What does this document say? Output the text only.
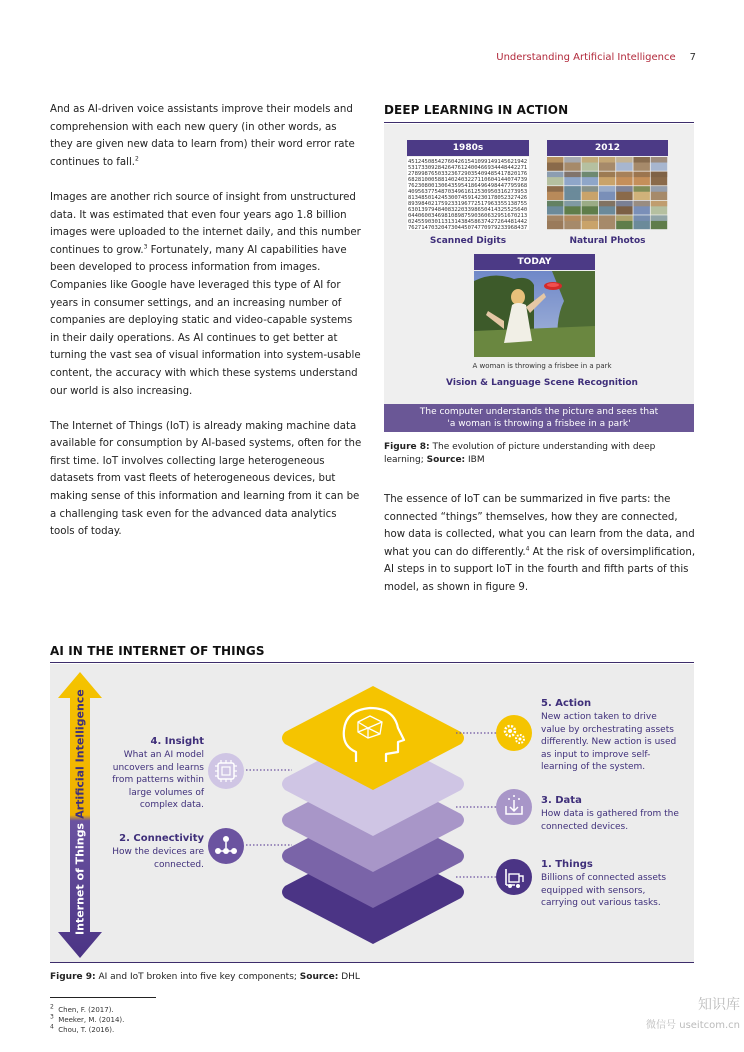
Understanding Artificial Intelligence 7

And as AI-driven voice assistants improve their models and comprehension with each new query (in other words, as they are given new data to learn from) their word error rate continues to fall.$^2$

Images are another rich source of insight from unstructured data. It was estimated that even four years ago 1.8 billion images were uploaded to the internet daily, and this number continues to grow.$^3$ Fortunately, many AI capabilities have been developed to process information from images. Companies like Google have leveraged this type of AI for years in consumer settings, and an increasing number of companies are deploying static and video-capable systems in their daily operations. As AI continues to get better at turning the vast sea of visual information into system-usable content, the accuracy with which these systems understand our world is also increasing.

The Internet of Things (IoT) is already making machine data available for consumption by AI-based systems, often for the first time. IoT involves collecting large heterogeneous datasets from vast fleets of heterogeneous devices, but making sense of this information and learning from it can be a challenging task even for the advanced data analytics tools of today.

DEEP LEARNING IN ACTION
1980s	2012
451245085427604261541099149145621942
531733092842647612400466934448442271
278998765033236729035409485417820176
682810005881402403227110604144074739
762308001306435954186496498447795968
409563775487034961612530950316273953
813485014245300745914230178052327426
893984021759233196772517963355138755
630139794840832203398650414325525640
044060034698108987590360632951670213
024559030113131438458637427264481442
762714703204730445074770979233968437
Scanned Digits	Natural Photos
TODAY
A woman is throwing a frisbee in a park
Vision & Language Scene Recognition
The computer understands the picture and sees that
'a woman is throwing a frisbee in a park'
Figure 8: The evolution of picture understanding with deep learning; Source: IBM
The essence of IoT can be summarized in five parts: the connected “things” themselves, how they are connected, how data is collected, what you can learn from the data, and what you can do differently.$^4$ At the risk of oversimplification, AI steps in to support IoT in the fourth and fifth parts of this model, as shown in figure 9.
AI IN THE INTERNET OF THINGS
Artificial Intelligence
Internet of Things
4. Insight
What an AI model uncovers and learns from patterns within large volumes of complex data.
2. Connectivity
How the devices are connected.
5. Action
New action taken to drive value by orchestrating assets differently. New action is used as input to improve self-learning of the system.
3. Data
How data is gathered from the connected devices.
1. Things
Billions of connected assets equipped with sensors, carrying out various tasks.
Figure 9: AI and IoT broken into five key components; Source: DHL
$^2$ Chen, F. (2017).
$^3$ Meeker, M. (2014).
$^4$ Chou, T. (2016).
知识库
微信号 useitcom.cn
